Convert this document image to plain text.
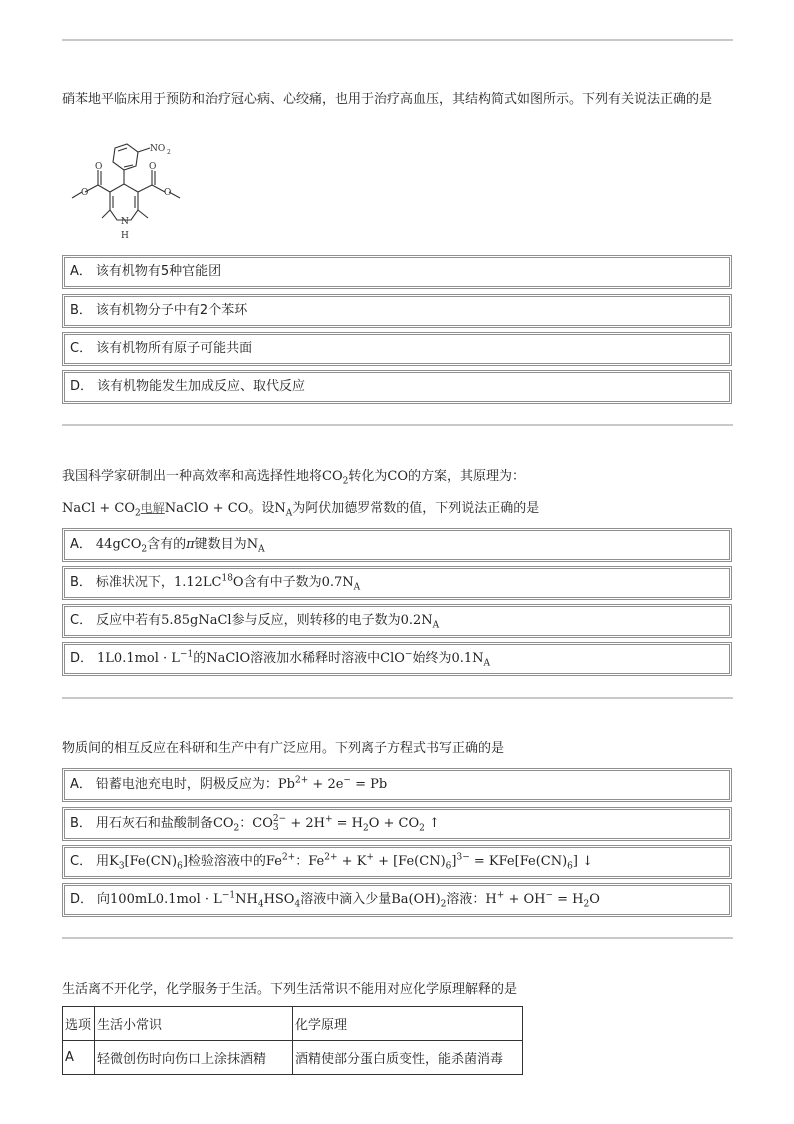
硝苯地平临床用于预防和治疗冠心病、心绞痛，也用于治疗高血压，其结构简式如图所示。下列有关说法正确的是
NO 2
O	O
O	O
N
H
A． 该有机物有5种官能团
B． 该有机物分子中有2个苯环
C． 该有机物所有原子可能共面
D． 该有机物能发生加成反应、取代反应
我国科学家研制出一种高效率和高选择性地将$CO_2$转化为CO的方案，其原理为：
NaCl + $CO_2$电解NaClO + CO。设$N_A$为阿伏加德罗常数的值，下列说法正确的是
A． 44gCO$_2$含有的π键数目为$N_A$
B． 标准状况下，1.12LC$^{18}$O含有中子数为$0.7N_A$
C． 反应中若有5.85gNaCl参与反应，则转移的电子数为$0.2N_A$
D． $1L0.1mol \cdot L^{-1}$的NaClO溶液加水稀释时溶液中ClO−始终为$0.1N_A$
物质间的相互反应在科研和生产中有广泛应用。下列离子方程式书写正确的是
A． 铅蓄电池充电时，阴极反应为：$Pb^{2+} + 2e^- = Pb$
B． 用石灰石和盐酸制备$CO_2$：CO 2−
$3 + 2H^+ = H_2O + CO_2$ ↑
C． 用$K_3[Fe(CN)_6]$检验溶液中的$Fe^{2+}$：$Fe^{2+} + K^+ + [Fe(CN)_6]^{3-} = KFe[Fe(CN)_6]$ ↓
D． 向$100mL0.1mol \cdot L^{-1}NH_4HSO_4$溶液中滴入少量$Ba(OH)_2$溶液：$H^+ + OH^- = H_2O$
生活离不开化学，化学服务于生活。下列生活常识不能用对应化学原理解释的是
选项	生活小常识	化学原理
A	轻微创伤时向伤口上涂抹酒精	酒精使部分蛋白质变性，能杀菌消毒
